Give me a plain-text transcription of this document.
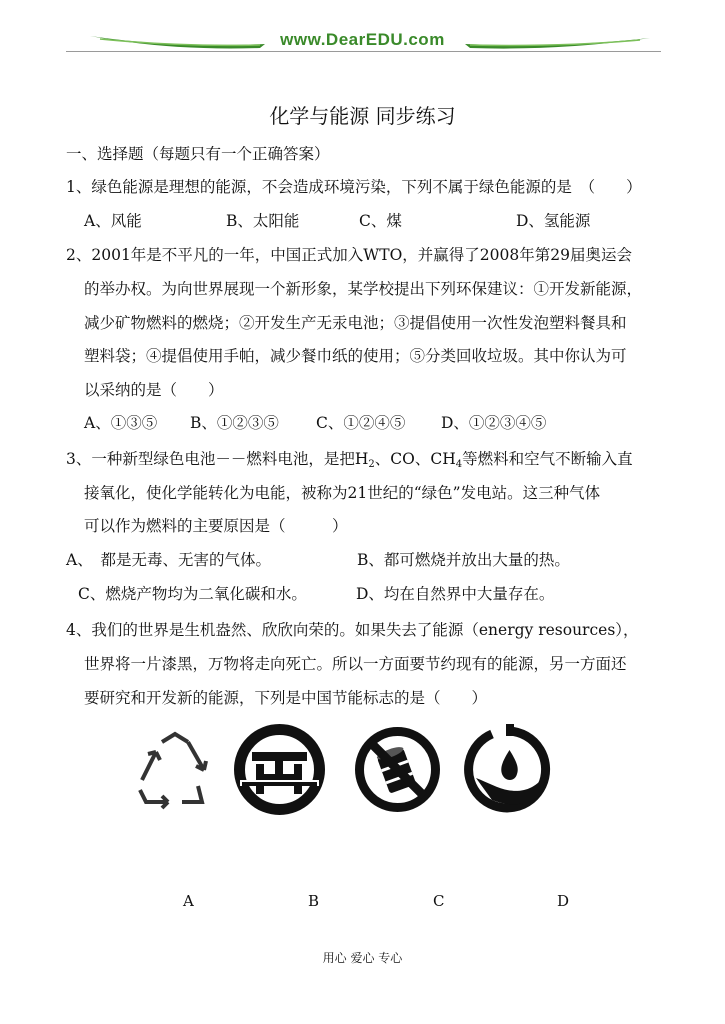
www.DearEDU.com
化学与能源 同步练习
一、选择题（每题只有一个正确答案）
1、绿色能源是理想的能源，不会造成环境污染，下列不属于绿色能源的是　（　　）
A、风能	B、太阳能	C、煤	D、氢能源
2、2001年是不平凡的一年，中国正式加入WTO，并赢得了2008年第29届奥运会
的举办权。为向世界展现一个新形象，某学校提出下列环保建议：①开发新能源，
减少矿物燃料的燃烧；②开发生产无汞电池；③提倡使用一次性发泡塑料餐具和
塑料袋；④提倡使用手帕，减少餐巾纸的使用；⑤分类回收垃圾。其中你认为可
以采纳的是（　　）
A、①③⑤ B、①②③⑤ C、①②④⑤ D、①②③④⑤
3、一种新型绿色电池－－燃料电池，是把$H_2$、CO、$CH_4$等燃料和空气不断输入直
接氧化，使化学能转化为电能，被称为21世纪的“绿色”发电站。这三种气体
可以作为燃料的主要原因是（　　　）
A、　都是无毒、无害的气体。	B、都可燃烧并放出大量的热。
C、燃烧产物均为二氧化碳和水。	D、均在自然界中大量存在。
4、我们的世界是生机盎然、欣欣向荣的。如果失去了能源（energy resources），
世界将一片漆黑，万物将走向死亡。所以一方面要节约现有的能源，另一方面还
要研究和开发新的能源，下列是中国节能标志的是（　　）
A	B	C	D
用心 爱心 专心
